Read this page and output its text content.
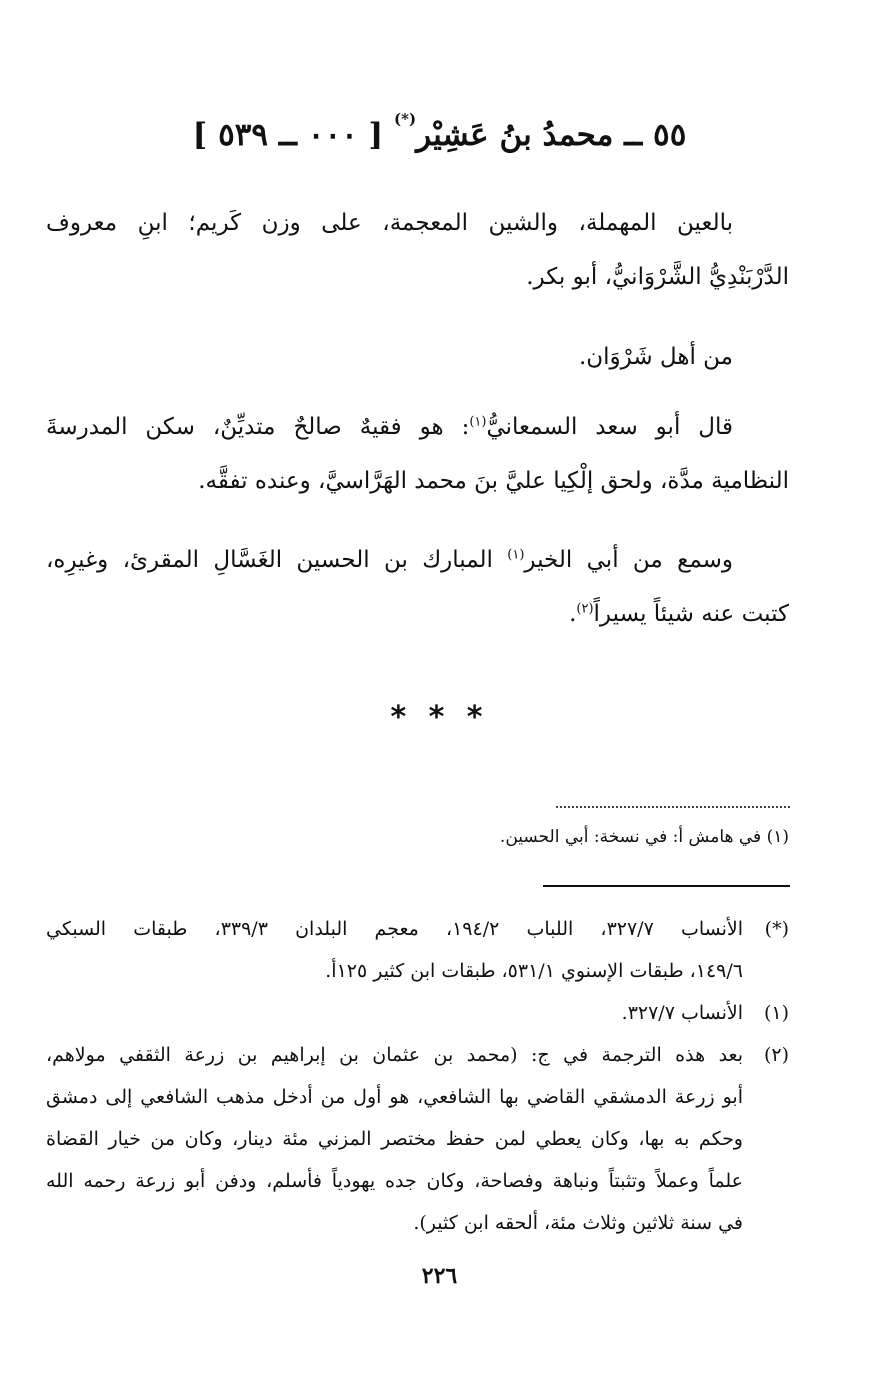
٥٥ ــ محمدُ بنُ عَشِيْر(*) [ ٠٠٠ ــ ٥٣٩ ]
بالعين المهملة، والشين المعجمة، على وزن كَريم؛ ابنِ معروف
الدَّرْبَنْدِيُّ الشَّرْوَانيُّ، أبو بكر.
من أهل شَرْوَان.
قال أبو سعد السمعانيُّ$^{(١)}$: هو فقيهٌ صالحٌ متديِّنٌ، سكن المدرسةَ
النظامية مدَّة، ولحق إلْكِيا عليَّ بنَ محمد الهَرَّاسيَّ، وعنده تفقَّه.
وسمع من أبي الخير$^{(١)}$ المبارك بن الحسين الغَسَّالِ المقرئ، وغيرِه،
كتبت عنه شيئاً يسيراً$^{(٢)}$.
* * *
(١) في هامش أ: في نسخة: أبي الحسين.
(*)
الأنساب ٣٢٧/٧، اللباب ١٩٤/٢، معجم البلدان ٣٣٩/٣، طبقات السبكي
١٤٩/٦، طبقات الإسنوي ٥٣١/١، طبقات ابن كثير ١٢٥أ.
(١)
الأنساب ٣٢٧/٧.
(٢)
بعد هذه الترجمة في ج: (محمد بن عثمان بن إبراهيم بن زرعة الثقفي مولاهم،
أبو زرعة الدمشقي القاضي بها الشافعي، هو أول من أدخل مذهب الشافعي إلى دمشق
وحكم به بها، وكان يعطي لمن حفظ مختصر المزني مئة دينار، وكان من خيار القضاة
علماً وعملاً وتثبتاً ونباهة وفصاحة، وكان جده يهودياً فأسلم، ودفن أبو زرعة رحمه الله
في سنة ثلاثين وثلاث مئة، ألحقه ابن كثير).
٢٢٦
